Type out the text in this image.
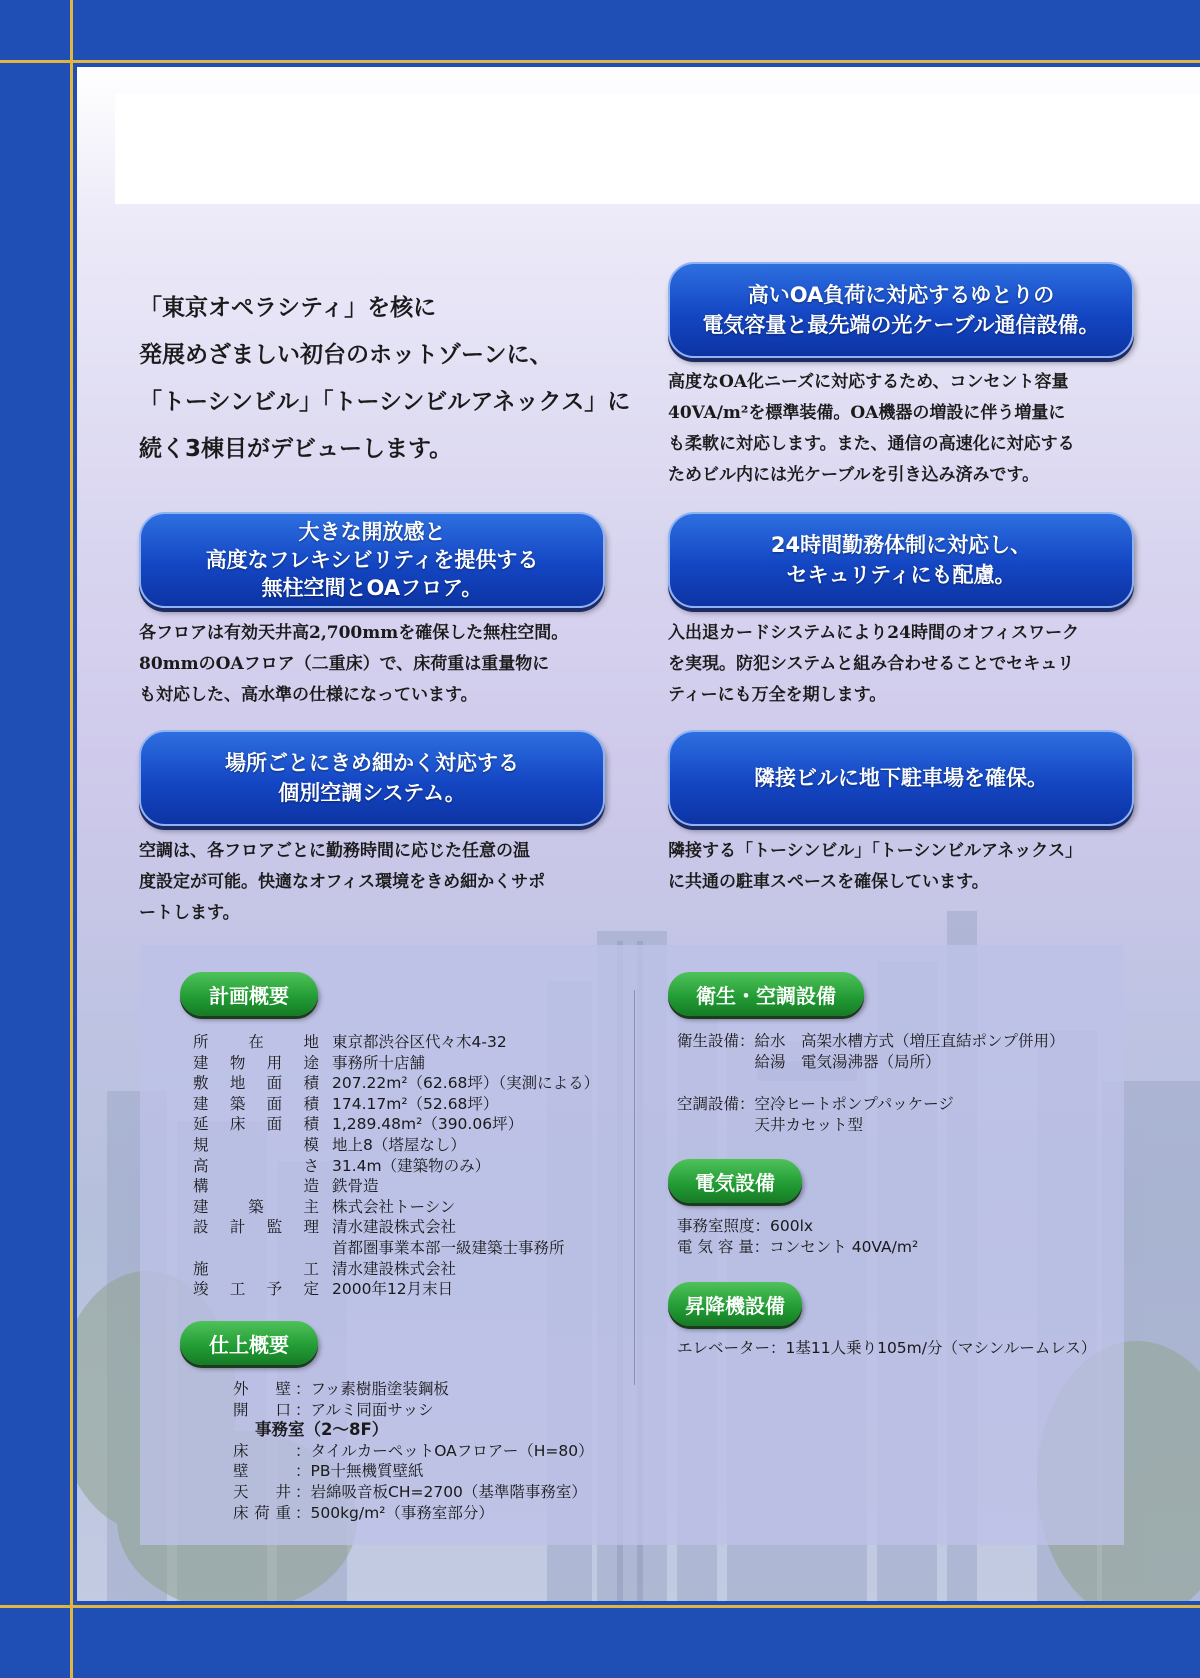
「東京オペラシティ」を核に
発展めざましい初台のホットゾーンに、
「トーシンビル」「トーシンビルアネックス」に
続く3棟目がデビューします。
高いOA負荷に対応するゆとりの
電気容量と最先端の光ケーブル通信設備。
高度なOA化ニーズに対応するため、コンセント容量
40VA/m²を標準装備。OA機器の増設に伴う増量に
も柔軟に対応します。また、通信の高速化に対応する
ためビル内には光ケーブルを引き込み済みです。
大きな開放感と
高度なフレキシビリティを提供する
無柱空間とOAフロア。
各フロアは有効天井高2,700mmを確保した無柱空間。
80mmのOAフロア（二重床）で、床荷重は重量物に
も対応した、高水準の仕様になっています。
24時間勤務体制に対応し、
セキュリティにも配慮。
入出退カードシステムにより24時間のオフィスワーク
を実現。防犯システムと組み合わせることでセキュリ
ティーにも万全を期します。
場所ごとにきめ細かく対応する
個別空調システム。
空調は、各フロアごとに勤務時間に応じた任意の温
度設定が可能。快適なオフィス環境をきめ細かくサポ
ートします。
隣接ビルに地下駐車場を確保。
隣接する「トーシンビル」「トーシンビルアネックス」
に共通の駐車スペースを確保しています。
計画概要
所在地 東京都渋谷区代々木4-32
建物用途 事務所十店舗
敷地面積 207.22m²（62.68坪）（実測による）
建築面積 174.17m²（52.68坪）
延床面積 1,289.48m²（390.06坪）
規模 地上8（塔屋なし）
高さ 31.4m（建築物のみ）
構造 鉄骨造
建築主 株式会社トーシン
設計監理 清水建設株式会社
首都圏事業本部一級建築士事務所
施工 清水建設株式会社
竣工予定 2000年12月末日
仕上概要
外壁 ：フッ素樹脂塗装鋼板
開口 ：アルミ同面サッシ
事務室（2〜8F）
床	：タイルカーペットOAフロアー（H=80）
壁	：PB十無機質壁紙
天井 ：岩綿吸音板CH=2700（基準階事務室）
床荷重 ：500kg/m²（事務室部分）
衛生・空調設備
衛生設備：給水　高架水槽方式（増圧直結ポンプ併用）
　　　　　給湯　電気湯沸器（局所）
空調設備：空冷ヒートポンプパッケージ
　　　　　天井カセット型
電気設備
事務室照度：600lx
電 気 容 量：コンセント 40VA/m²
昇降機設備
エレベーター：1基11人乗り105m/分（マシンルームレス）
